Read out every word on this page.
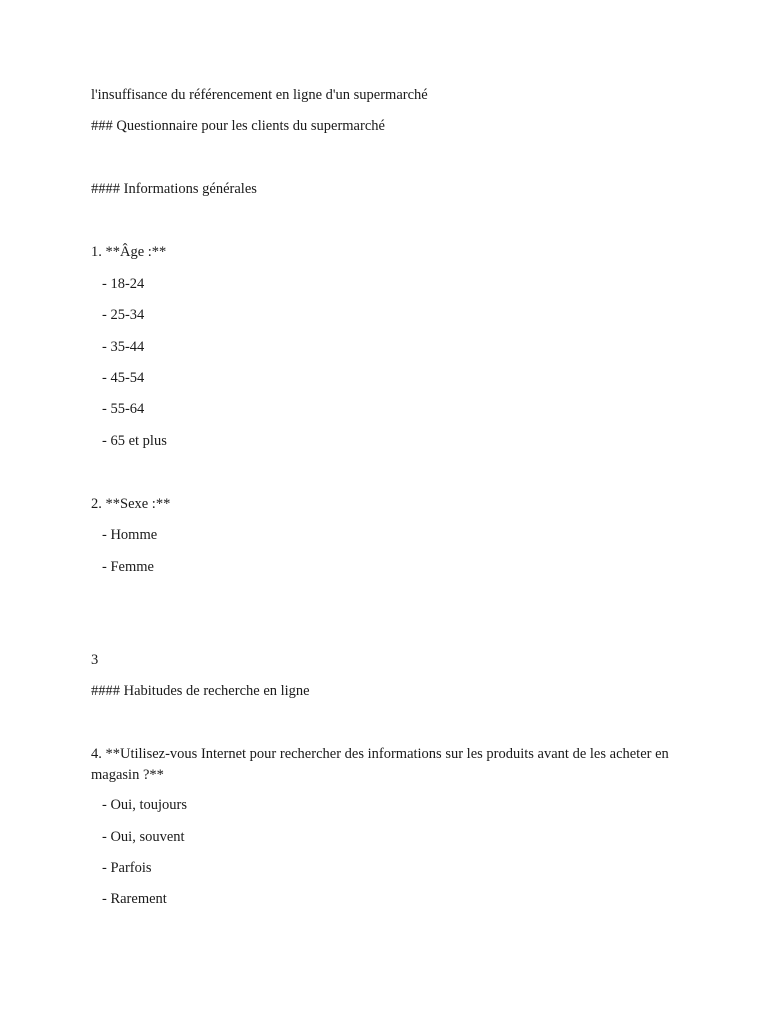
l'insuffisance du référencement en ligne d'un supermarché
### Questionnaire pour les clients du supermarché
#### Informations générales
1. **Âge :**
- 18-24
- 25-34
- 35-44
- 45-54
- 55-64
- 65 et plus
2. **Sexe :**
- Homme
- Femme
3
#### Habitudes de recherche en ligne
4. **Utilisez-vous Internet pour rechercher des informations sur les produits avant de les acheter en magasin ?**
- Oui, toujours
- Oui, souvent
- Parfois
- Rarement
